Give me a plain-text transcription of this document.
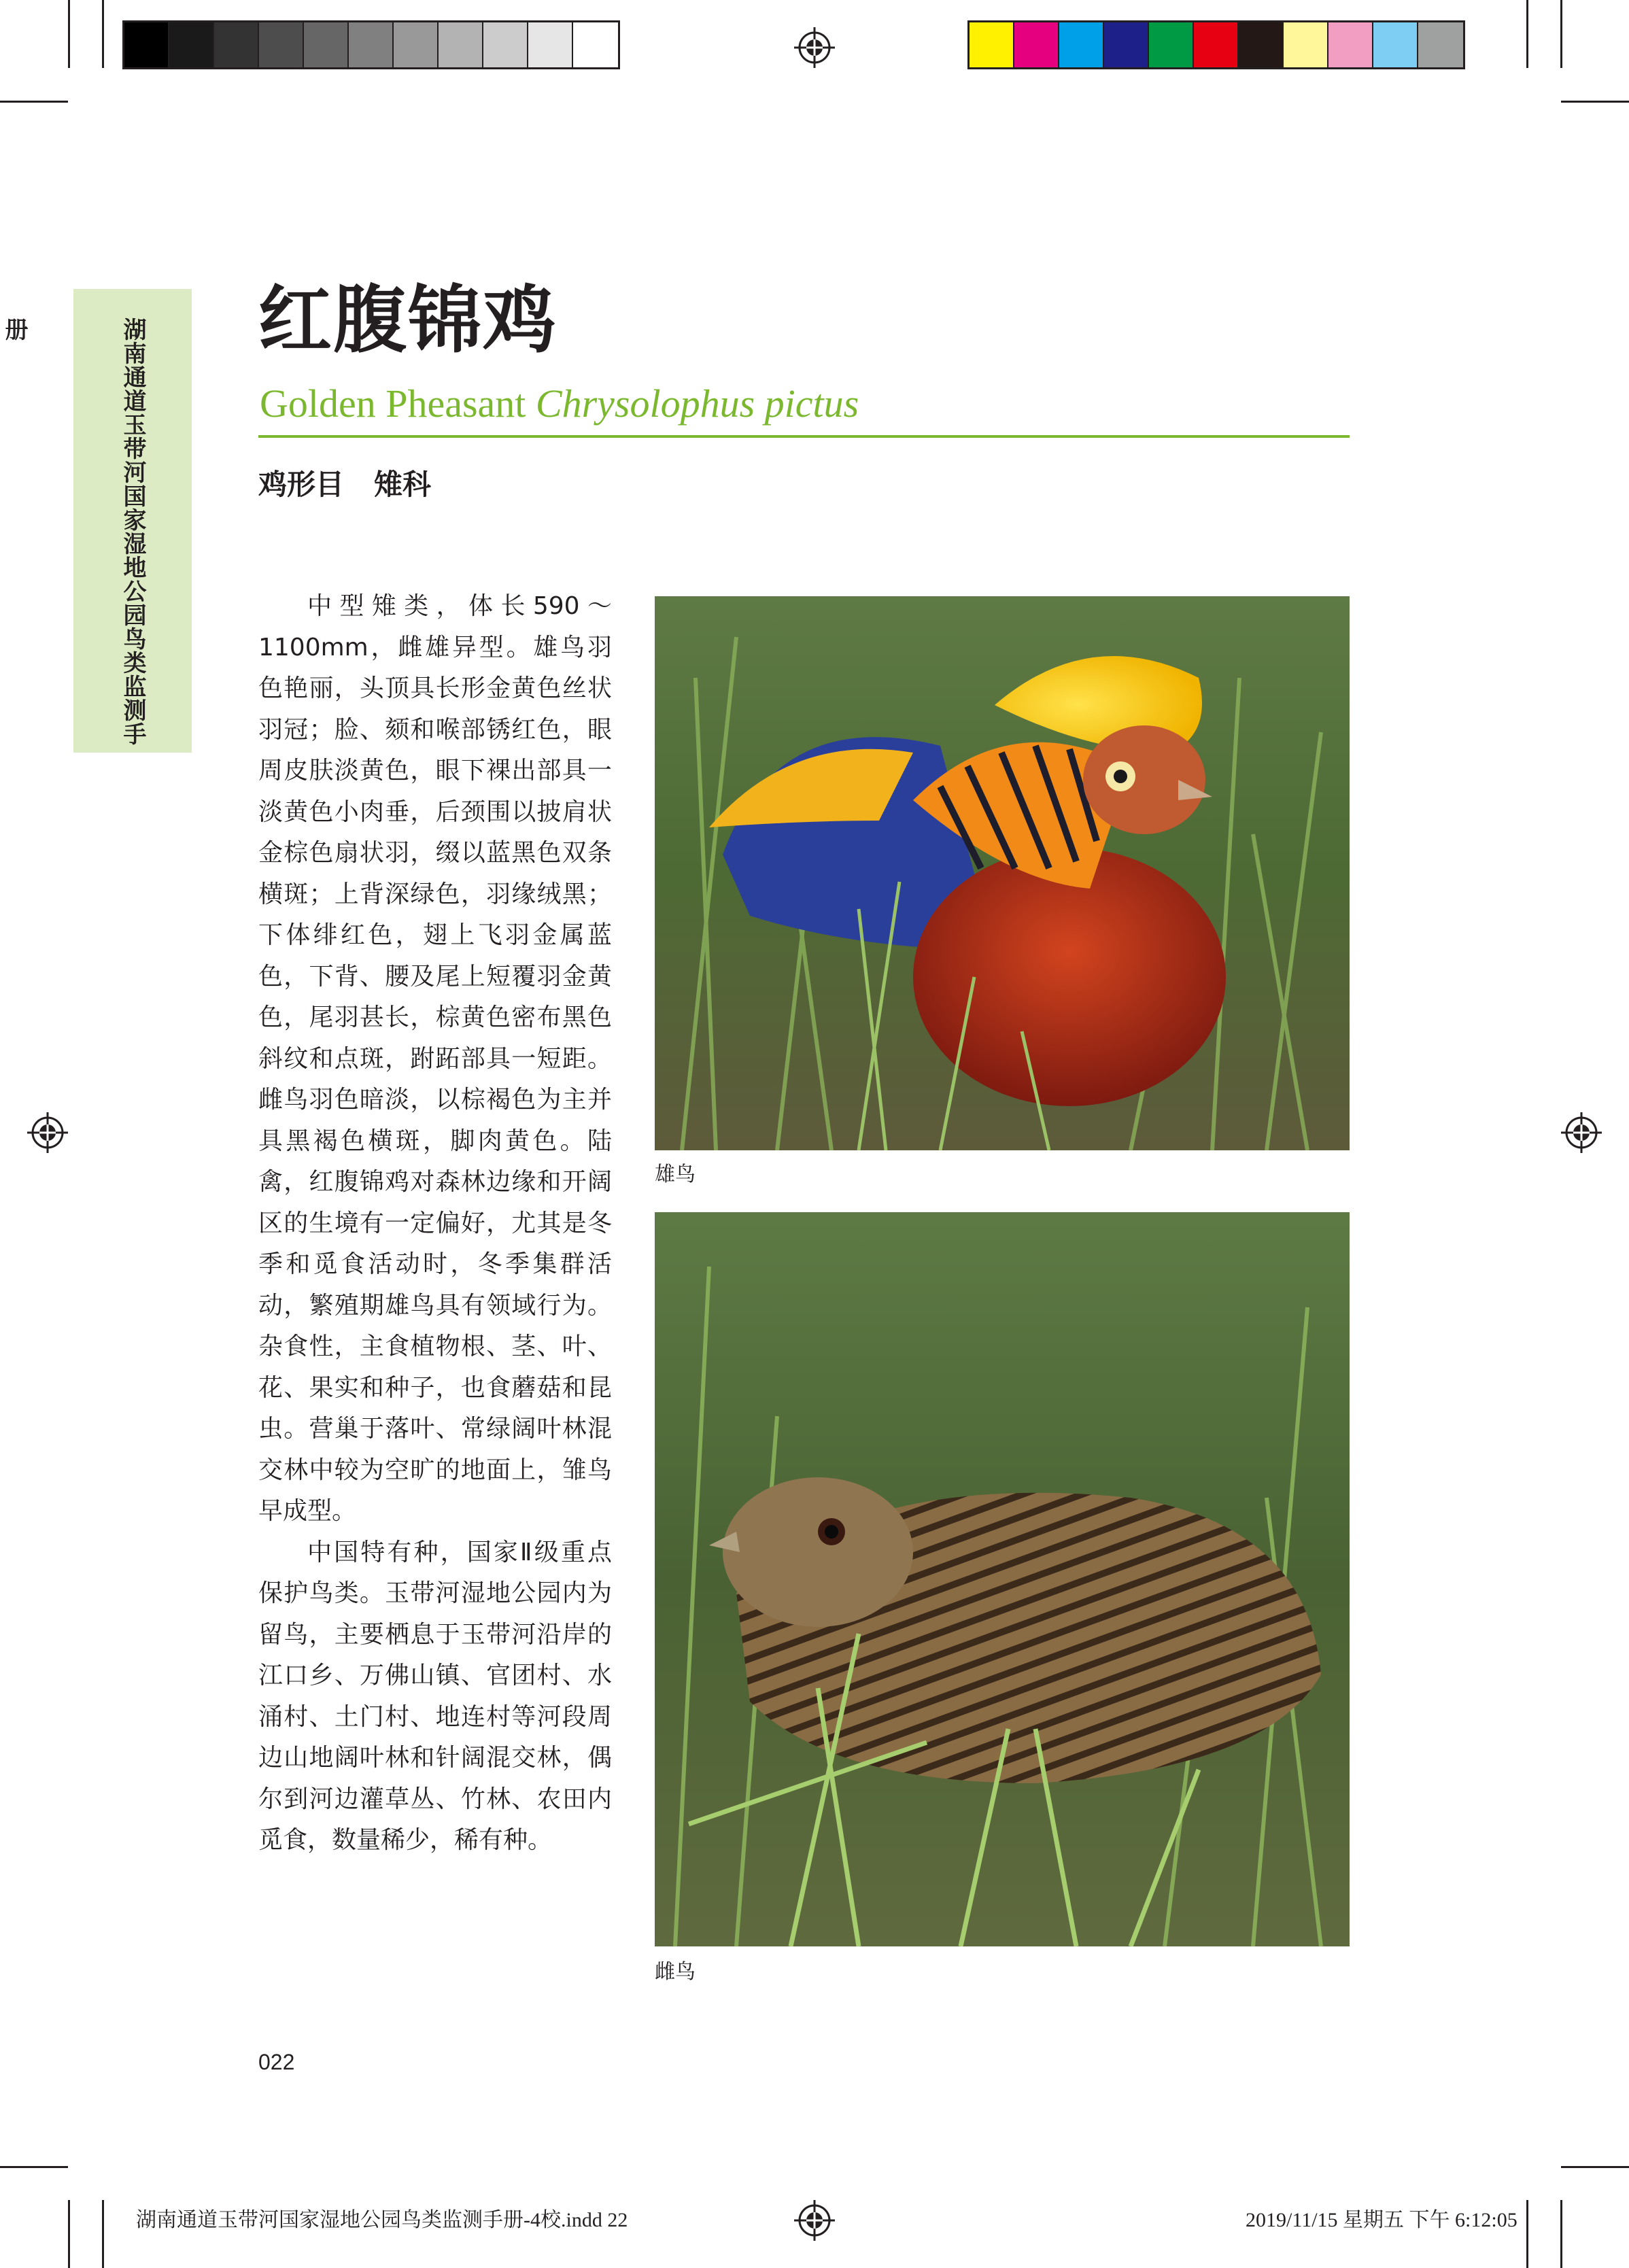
湖南通道玉带河国家湿地公园鸟类监测手册	红腹锦鸡
Golden Pheasant Chrysolophus pictus
鸡形目 雉科

中型雉类，体长590～1100mm，雌雄异型。雄鸟羽色艳丽，头顶具长形金黄色丝状羽冠；脸、颏和喉部锈红色，眼周皮肤淡黄色，眼下裸出部具一淡黄色小肉垂，后颈围以披肩状金棕色扇状羽，缀以蓝黑色双条横斑；上背深绿色，羽缘绒黑；下体绯红色，翅上飞羽金属蓝色，下背、腰及尾上短覆羽金黄色，尾羽甚长，棕黄色密布黑色斜纹和点斑，跗跖部具一短距。雌鸟羽色暗淡，以棕褐色为主并具黑褐色横斑，脚肉黄色。陆禽，红腹锦鸡对森林边缘和开阔区的生境有一定偏好，尤其是冬季和觅食活动时，冬季集群活动，繁殖期雄鸟具有领域行为。杂食性，主食植物根、茎、叶、花、果实和种子，也食蘑菇和昆虫。营巢于落叶、常绿阔叶林混交林中较为空旷的地面上，雏鸟早成型。

中国特有种，国家Ⅱ级重点保护鸟类。玉带河湿地公园内为留鸟，主要栖息于玉带河沿岸的江口乡、万佛山镇、官团村、水涌村、土门村、地连村等河段周边山地阔叶林和针阔混交林，偶尔到河边灌草丛、竹林、农田内觅食，数量稀少，稀有种。

雄鸟
雌鸟
022
湖南通道玉带河国家湿地公园鸟类监测手册-4校.indd 22	2019/11/15 星期五 下午 6:12:05
